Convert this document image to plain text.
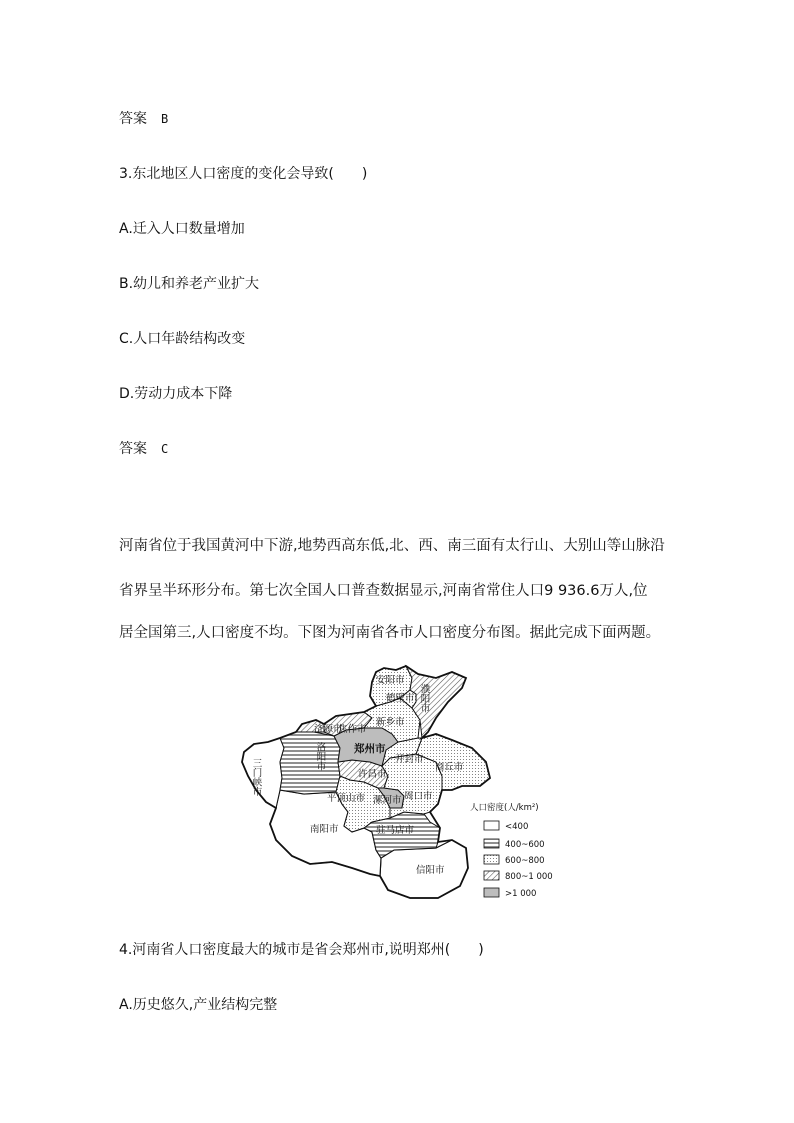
答案 B
3.东北地区人口密度的变化会导致(　　)
A.迁入人口数量增加
B.幼儿和养老产业扩大
C.人口年龄结构改变
D.劳动力成本下降
答案 C
河南省位于我国黄河中下游,地势西高东低,北、西、南三面有太行山、大别山等山脉沿
省界呈半环形分布。第七次全国人口普查数据显示,河南省常住人口9 936.6万人,位
居全国第三,人口密度不均。下图为河南省各市人口密度分布图。据此完成下面两题。
安阳市
鹤壁市 濮阳市
新乡市
焦作市
济源市
三门峡市
洛阳市	郑州市
开封市
商丘市
许昌市
平顶山市 漯河市 周口市
南阳市	驻马店市
信阳市
人口密度(人/km²)
<400
400~600
600~800
800~1 000
>1 000
4.河南省人口密度最大的城市是省会郑州市,说明郑州(　　)
A.历史悠久,产业结构完整
